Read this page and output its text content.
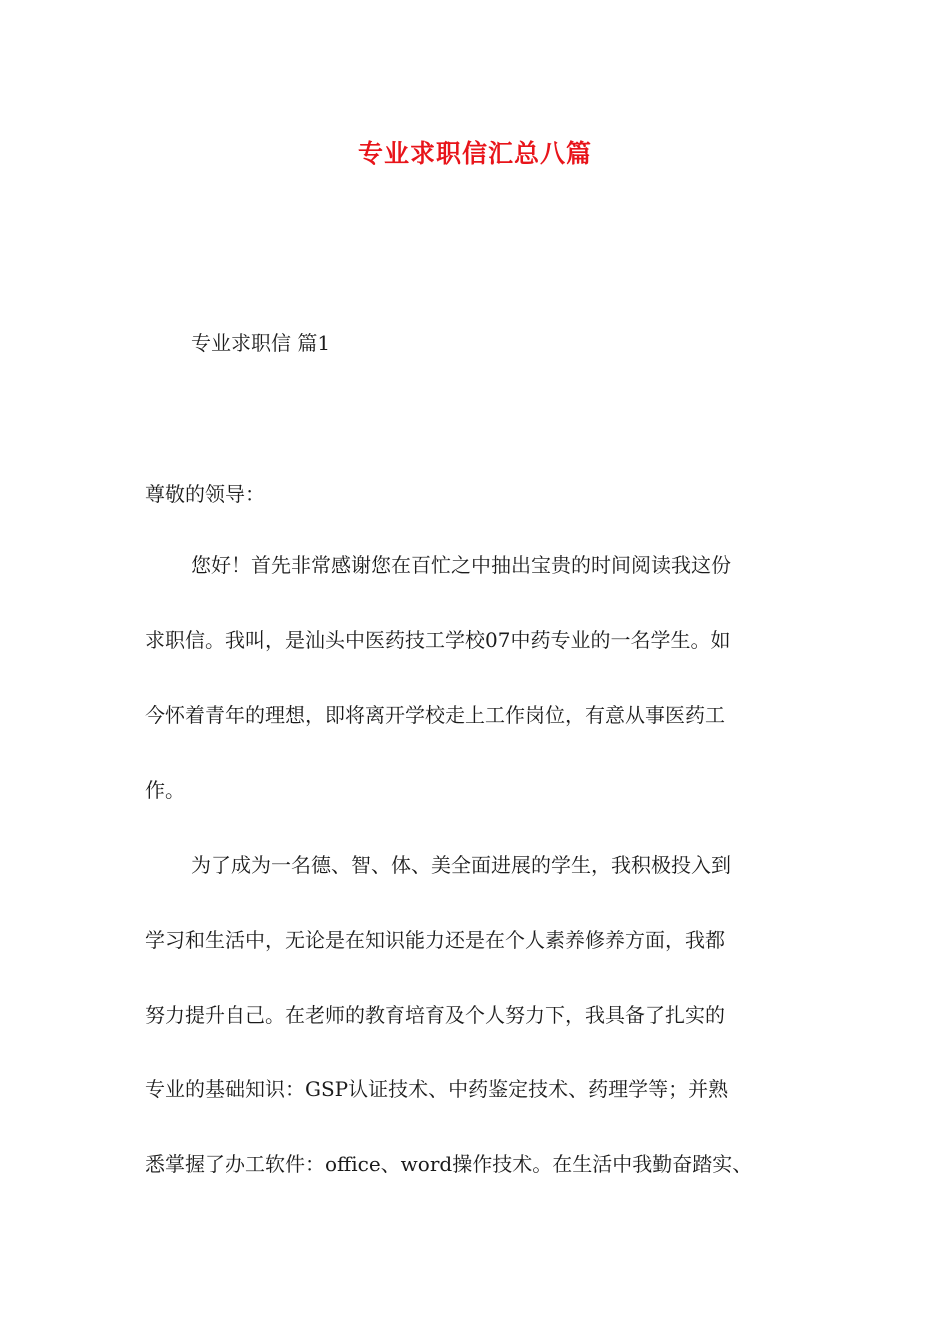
专业求职信汇总八篇
专业求职信 篇1
尊敬的领导：
您好！首先非常感谢您在百忙之中抽出宝贵的时间阅读我这份
求职信。我叫，是汕头中医药技工学校07中药专业的一名学生。如
今怀着青年的理想，即将离开学校走上工作岗位，有意从事医药工
作。
为了成为一名德、智、体、美全面进展的学生，我积极投入到
学习和生活中，无论是在知识能力还是在个人素养修养方面，我都
努力提升自己。在老师的教育培育及个人努力下，我具备了扎实的
专业的基础知识：GSP认证技术、中药鉴定技术、药理学等；并熟
悉掌握了办工软件：office、word操作技术。在生活中我勤奋踏实、
